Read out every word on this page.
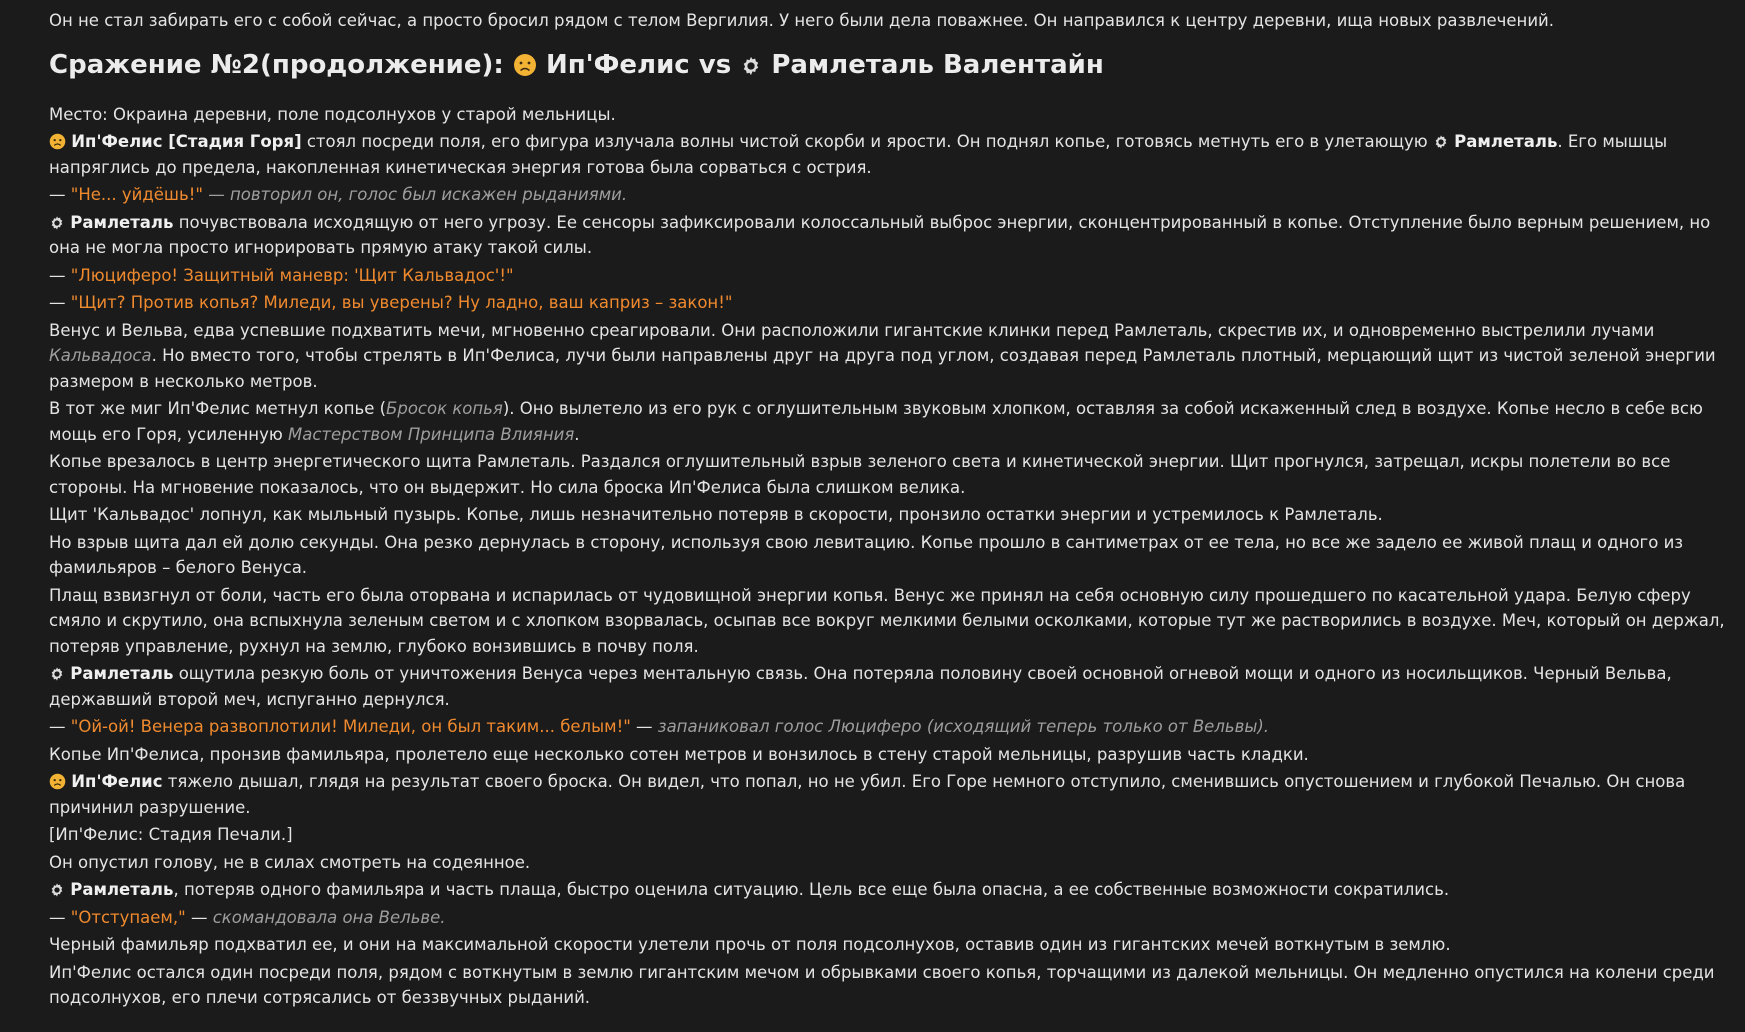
Он не стал забирать его с собой сейчас, а просто бросил рядом с телом Вергилия. У него были дела поважнее. Он направился к центру деревни, ища новых развлечений.

Сражение №2(продолжение): Ип'Фелис vs Рамлеталь Валентайн

Место: Окраина деревни, поле подсолнухов у старой мельницы.

Ип'Фелис [Стадия Горя] стоял посреди поля, его фигура излучала волны чистой скорби и ярости. Он поднял копье, готовясь метнуть его в улетающую
Рамлеталь. Его мышцы напряглись до предела, накопленная кинетическая энергия готова была сорваться с острия.

— "Не... уйдёшь!" — повторил он, голос был искажен рыданиями.

Рамлеталь почувствовала исходящую от него угрозу. Ее сенсоры зафиксировали колоссальный выброс энергии, сконцентрированный в копье. Отступление было верным решением, но она не могла просто игнорировать прямую атаку такой силы.

— "Люциферо! Защитный маневр: 'Щит Кальвадос'!"

— "Щит? Против копья? Миледи, вы уверены? Ну ладно, ваш каприз – закон!"

Венус и Вельва, едва успевшие подхватить мечи, мгновенно среагировали. Они расположили гигантские клинки перед Рамлеталь, скрестив их, и одновременно выстрелили лучами Кальвадоса. Но вместо того, чтобы стрелять в Ип'Фелиса, лучи были направлены друг на друга под углом, создавая перед Рамлеталь плотный, мерцающий щит из чистой зеленой энергии размером в несколько метров.

В тот же миг Ип'Фелис метнул копье (Бросок копья). Оно вылетело из его рук с оглушительным звуковым хлопком, оставляя за собой искаженный след в воздухе. Копье несло в себе всю мощь его Горя, усиленную Мастерством Принципа Влияния.

Копье врезалось в центр энергетического щита Рамлеталь. Раздался оглушительный взрыв зеленого света и кинетической энергии. Щит прогнулся, затрещал, искры полетели во все стороны. На мгновение показалось, что он выдержит. Но сила броска Ип'Фелиса была слишком велика.

Щит 'Кальвадос' лопнул, как мыльный пузырь. Копье, лишь незначительно потеряв в скорости, пронзило остатки энергии и устремилось к Рамлеталь.

Но взрыв щита дал ей долю секунды. Она резко дернулась в сторону, используя свою левитацию. Копье прошло в сантиметрах от ее тела, но все же задело ее живой плащ и одного из фамильяров – белого Венуса.

Плащ взвизгнул от боли, часть его была оторвана и испарилась от чудовищной энергии копья. Венус же принял на себя основную силу прошедшего по касательной удара. Белую сферу смяло и скрутило, она вспыхнула зеленым светом и с хлопком взорвалась, осыпав все вокруг мелкими белыми осколками, которые тут же растворились в воздухе. Меч, который он держал, потеряв управление, рухнул на землю, глубоко вонзившись в почву поля.

Рамлеталь ощутила резкую боль от уничтожения Венуса через ментальную связь. Она потеряла половину своей основной огневой мощи и одного из носильщиков. Черный Вельва, державший второй меч, испуганно дернулся.

— "Ой-ой! Венера развоплотили! Миледи, он был таким... белым!" — запаниковал голос Люциферо (исходящий теперь только от Вельвы).

Копье Ип'Фелиса, пронзив фамильяра, пролетело еще несколько сотен метров и вонзилось в стену старой мельницы, разрушив часть кладки.

Ип'Фелис тяжело дышал, глядя на результат своего броска. Он видел, что попал, но не убил. Его Горе немного отступило, сменившись опустошением и глубокой Печалью. Он снова причинил разрушение.

[Ип'Фелис: Стадия Печали.]

Он опустил голову, не в силах смотреть на содеянное.

Рамлеталь, потеряв одного фамильяра и часть плаща, быстро оценила ситуацию. Цель все еще была опасна, а ее собственные возможности сократились.

— "Отступаем," — скомандовала она Вельве.

Черный фамильяр подхватил ее, и они на максимальной скорости улетели прочь от поля подсолнухов, оставив один из гигантских мечей воткнутым в землю.

Ип'Фелис остался один посреди поля, рядом с воткнутым в землю гигантским мечом и обрывками своего копья, торчащими из далекой мельницы. Он медленно опустился на колени среди подсолнухов, его плечи сотрясались от беззвучных рыданий.
